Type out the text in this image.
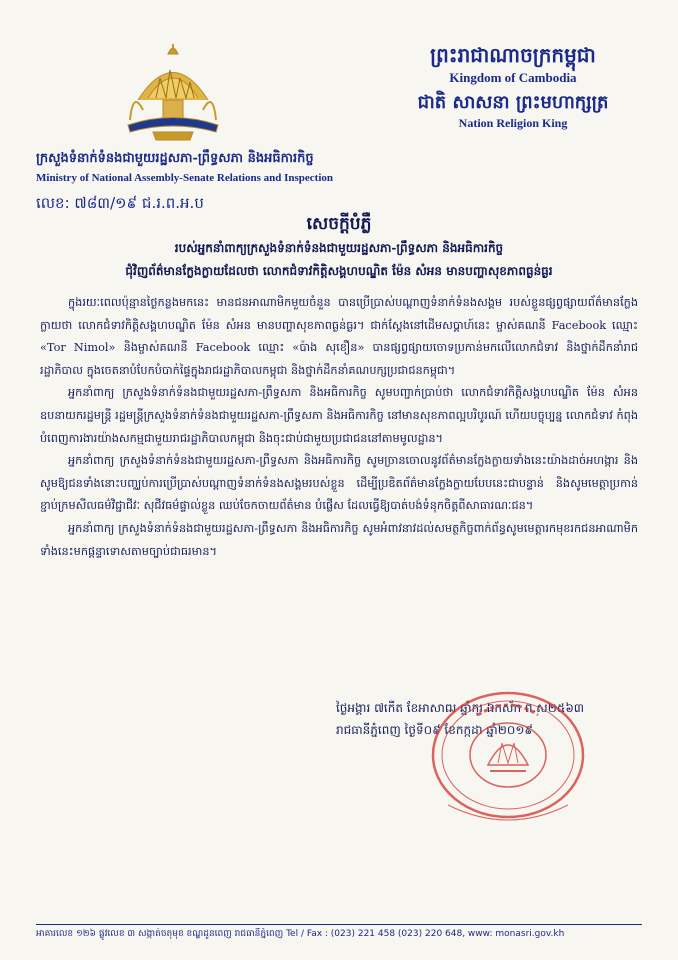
ព្រះរាជាណាចក្រកម្ពុជា
Kingdom of Cambodia
ជាតិ សាសនា ព្រះមហាក្សត្រ
Nation Religion King
ក្រសួងទំនាក់ទំនងជាមួយរដ្ឋសភា-ព្រឹទ្ធសភា និងអធិការកិច្ច
Ministry of National Assembly-Senate Relations and Inspection
លេខ: ៧៨៣/១៩ ជ.រ.ព.អ.ប
សេចក្ដីបំភ្លឺ
របស់អ្នកនាំពាក្យក្រសួងទំនាក់ទំនងជាមួយរដ្ឋសភា-ព្រឹទ្ធសភា និងអធិការកិច្ច
ជុំវិញព័ត៌មានក្លែងក្លាយដែលថា លោកជំទាវកិត្តិសង្គហបណ្ឌិត ម៉ែន សំអន មានបញ្ហាសុខភាពធ្ងន់ធ្ងរ

ក្នុងរយៈពេលប៉ុន្មានថ្ងៃកន្លងមកនេះ មានជនអាណាមិកមួយចំនួន បានប្រើប្រាស់បណ្ដាញទំនាក់ទំនងសង្គម របស់ខ្លួនផ្សព្វផ្សាយព័ត៌មានក្លែងក្លាយថា លោកជំទាវកិត្តិសង្គហបណ្ឌិត ម៉ែន សំអន មានបញ្ហាសុខភាពធ្ងន់ធ្ងរ។ ជាក់ស្ដែងនៅដើមសប្ដាហ៍នេះ ម្ចាស់គណនី Facebook ឈ្មោះ «Tor Nimol» និងម្ចាស់គណនី Facebook ឈ្មោះ «ប៉ាង សុខឿន» បានផ្សព្វផ្សាយចោទប្រកាន់មកលើលោកជំទាវ និងថ្នាក់ដឹកនាំរាជរដ្ឋាភិបាល ក្នុងចេតនាបំបែកបំបាក់ផ្ទៃក្នុងរាជរដ្ឋាភិបាលកម្ពុជា និងថ្នាក់ដឹកនាំគណបក្សប្រជាជនកម្ពុជា។

អ្នកនាំពាក្យ ក្រសួងទំនាក់ទំនងជាមួយរដ្ឋសភា-ព្រឹទ្ធសភា និងអធិការកិច្ច សូមបញ្ជាក់ប្រាប់ថា លោកជំទាវកិត្តិសង្គហបណ្ឌិត ម៉ែន សំអន ឧបនាយករដ្ឋមន្ត្រី រដ្ឋមន្ត្រីក្រសួងទំនាក់ទំនងជាមួយរដ្ឋសភា-ព្រឹទ្ធសភា និងអធិការកិច្ច នៅមានសុខភាពល្អបរិបូរណ៍ ហើយបច្ចុប្បន្ន លោកជំទាវ កំពុងបំពេញការងារយ៉ាងសកម្មជាមួយរាជរដ្ឋាភិបាលកម្ពុជា និងចុះជាប់ជាមួយប្រជាជននៅតាមមូលដ្ឋាន។

អ្នកនាំពាក្យ ក្រសួងទំនាក់ទំនងជាមួយរដ្ឋសភា-ព្រឹទ្ធសភា និងអធិការកិច្ច សូមច្រានចោលនូវព័ត៌មានក្លែងក្លាយទាំងនេះយ៉ាងដាច់អហង្ការ និងសូមឱ្យជនទាំងនោះបញ្ឈប់ការប្រើប្រាស់បណ្ដាញទំនាក់ទំនងសង្គមរបស់ខ្លួន ដើម្បីប្រឌិតព័ត៌មានក្លែងក្លាយបែបនេះជាបន្ទាន់ និងសូមមេត្ដាប្រកាន់ខ្ជាប់ក្រមសីលធម៌វិជ្ជាជីវៈ សុជីវធម៌ផ្ទាល់ខ្លួន ឈប់ចែកចាយព័ត៌មាន បំផ្លើស ដែលធ្វើឱ្យបាត់បង់ទំនុកចិត្តពីសាធារណៈជន។

អ្នកនាំពាក្យ ក្រសួងទំនាក់ទំនងជាមួយរដ្ឋសភា-ព្រឹទ្ធសភា និងអធិការកិច្ច សូមអំពាវនាវដល់សមត្ថកិច្ចពាក់ព័ន្ធសូមមេត្ដារកមុខរកជនអាណាមិកទាំងនេះមកផ្ដន្ទាទោសតាមច្បាប់ជាធរមាន។

ថ្ងៃអង្គារ ៧កើត ខែអាសាឍ ឆ្នាំកុរ ឯកស័ក ព.ស២៥៦៣
រាជធានីភ្នំពេញ ថ្ងៃទី០៩ ខែកក្កដា ឆ្នាំ២០១៩
អាគារលេខ ១២៦ ផ្លូវលេខ ៣ សង្កាត់ចតុមុខ ខណ្ឌដូនពេញ រាជធានីភ្នំពេញ Tel / Fax : (023) 221 458 (023) 220 648, www: monasri.gov.kh
